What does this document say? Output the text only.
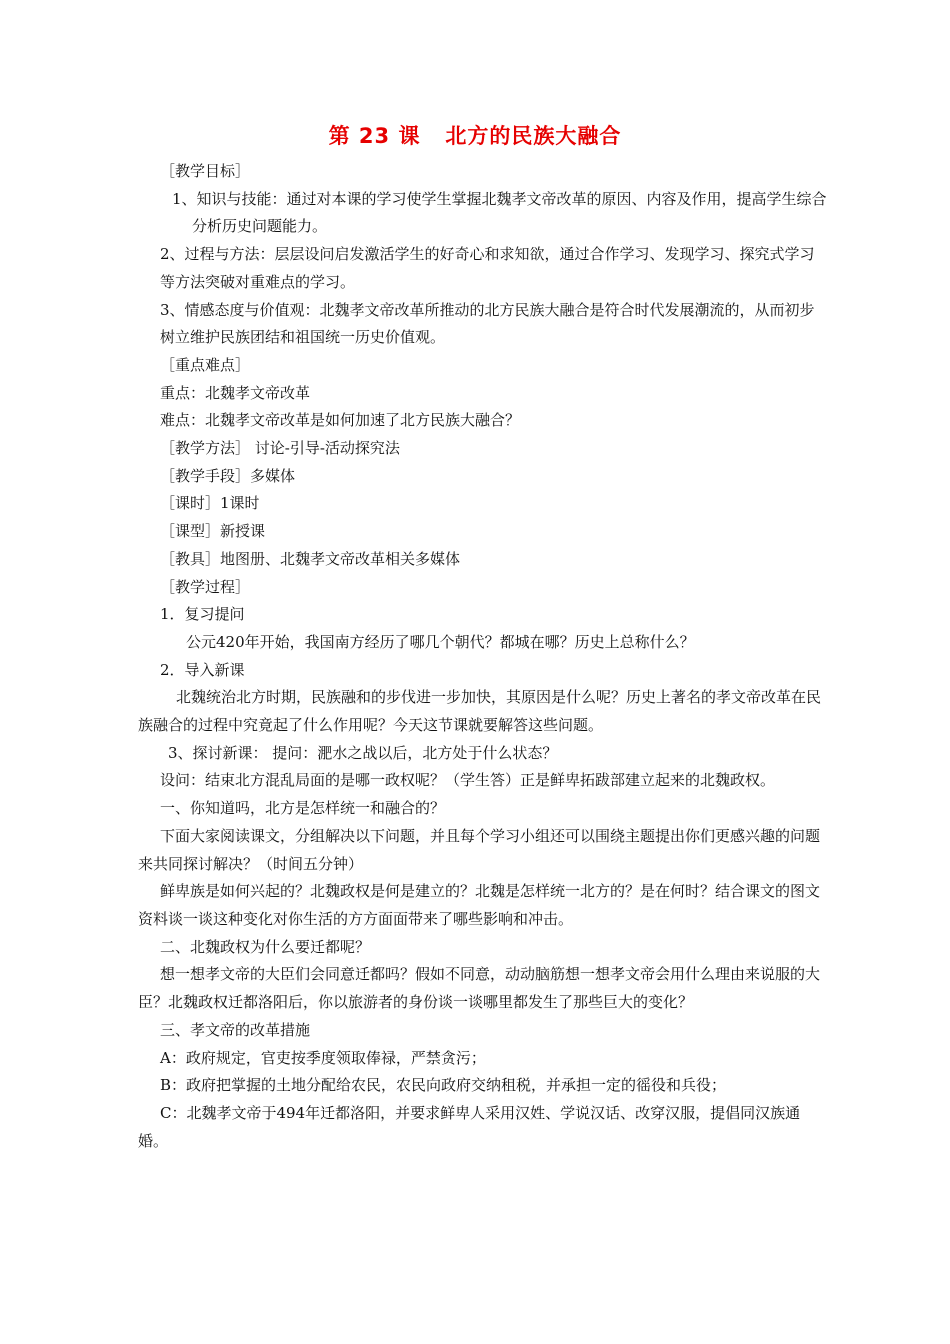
第 23 课   北方的民族大融合

［教学目标］

1、知识与技能：通过对本课的学习使学生掌握北魏孝文帝改革的原因、内容及作用，提高学生综合分析历史问题能力。

2、过程与方法：层层设问启发激活学生的好奇心和求知欲，通过合作学习、发现学习、探究式学习等方法突破对重难点的学习。

3、情感态度与价值观：北魏孝文帝改革所推动的北方民族大融合是符合时代发展潮流的，从而初步树立维护民族团结和祖国统一历史价值观。

［重点难点］

重点：北魏孝文帝改革

难点：北魏孝文帝改革是如何加速了北方民族大融合？

［教学方法］ 讨论-引导-活动探究法

［教学手段］多媒体

［课时］1课时

［课型］新授课

［教具］地图册、北魏孝文帝改革相关多媒体

［教学过程］

1．复习提问

公元420年开始，我国南方经历了哪几个朝代？都城在哪？历史上总称什么？

2．导入新课

北魏统治北方时期，民族融和的步伐进一步加快，其原因是什么呢？历史上著名的孝文帝改革在民族融合的过程中究竟起了什么作用呢？今天这节课就要解答这些问题。

3、探讨新课： 提问：淝水之战以后，北方处于什么状态？

设问：结束北方混乱局面的是哪一政权呢？（学生答）正是鲜卑拓跋部建立起来的北魏政权。

一、你知道吗，北方是怎样统一和融合的？

下面大家阅读课文，分组解决以下问题，并且每个学习小组还可以围绕主题提出你们更感兴趣的问题来共同探讨解决？（时间五分钟）

鲜卑族是如何兴起的？北魏政权是何是建立的？北魏是怎样统一北方的？是在何时？结合课文的图文资料谈一谈这种变化对你生活的方方面面带来了哪些影响和冲击。

二、北魏政权为什么要迁都呢？

想一想孝文帝的大臣们会同意迁都吗？假如不同意，动动脑筋想一想孝文帝会用什么理由来说服的大臣？北魏政权迁都洛阳后，你以旅游者的身份谈一谈哪里都发生了那些巨大的变化？

三、孝文帝的改革措施

A：政府规定，官吏按季度领取俸禄，严禁贪污；

B：政府把掌握的土地分配给农民，农民向政府交纳租税，并承担一定的徭役和兵役；

C：北魏孝文帝于494年迁都洛阳，并要求鲜卑人采用汉姓、学说汉话、改穿汉服，提倡同汉族通婚。
